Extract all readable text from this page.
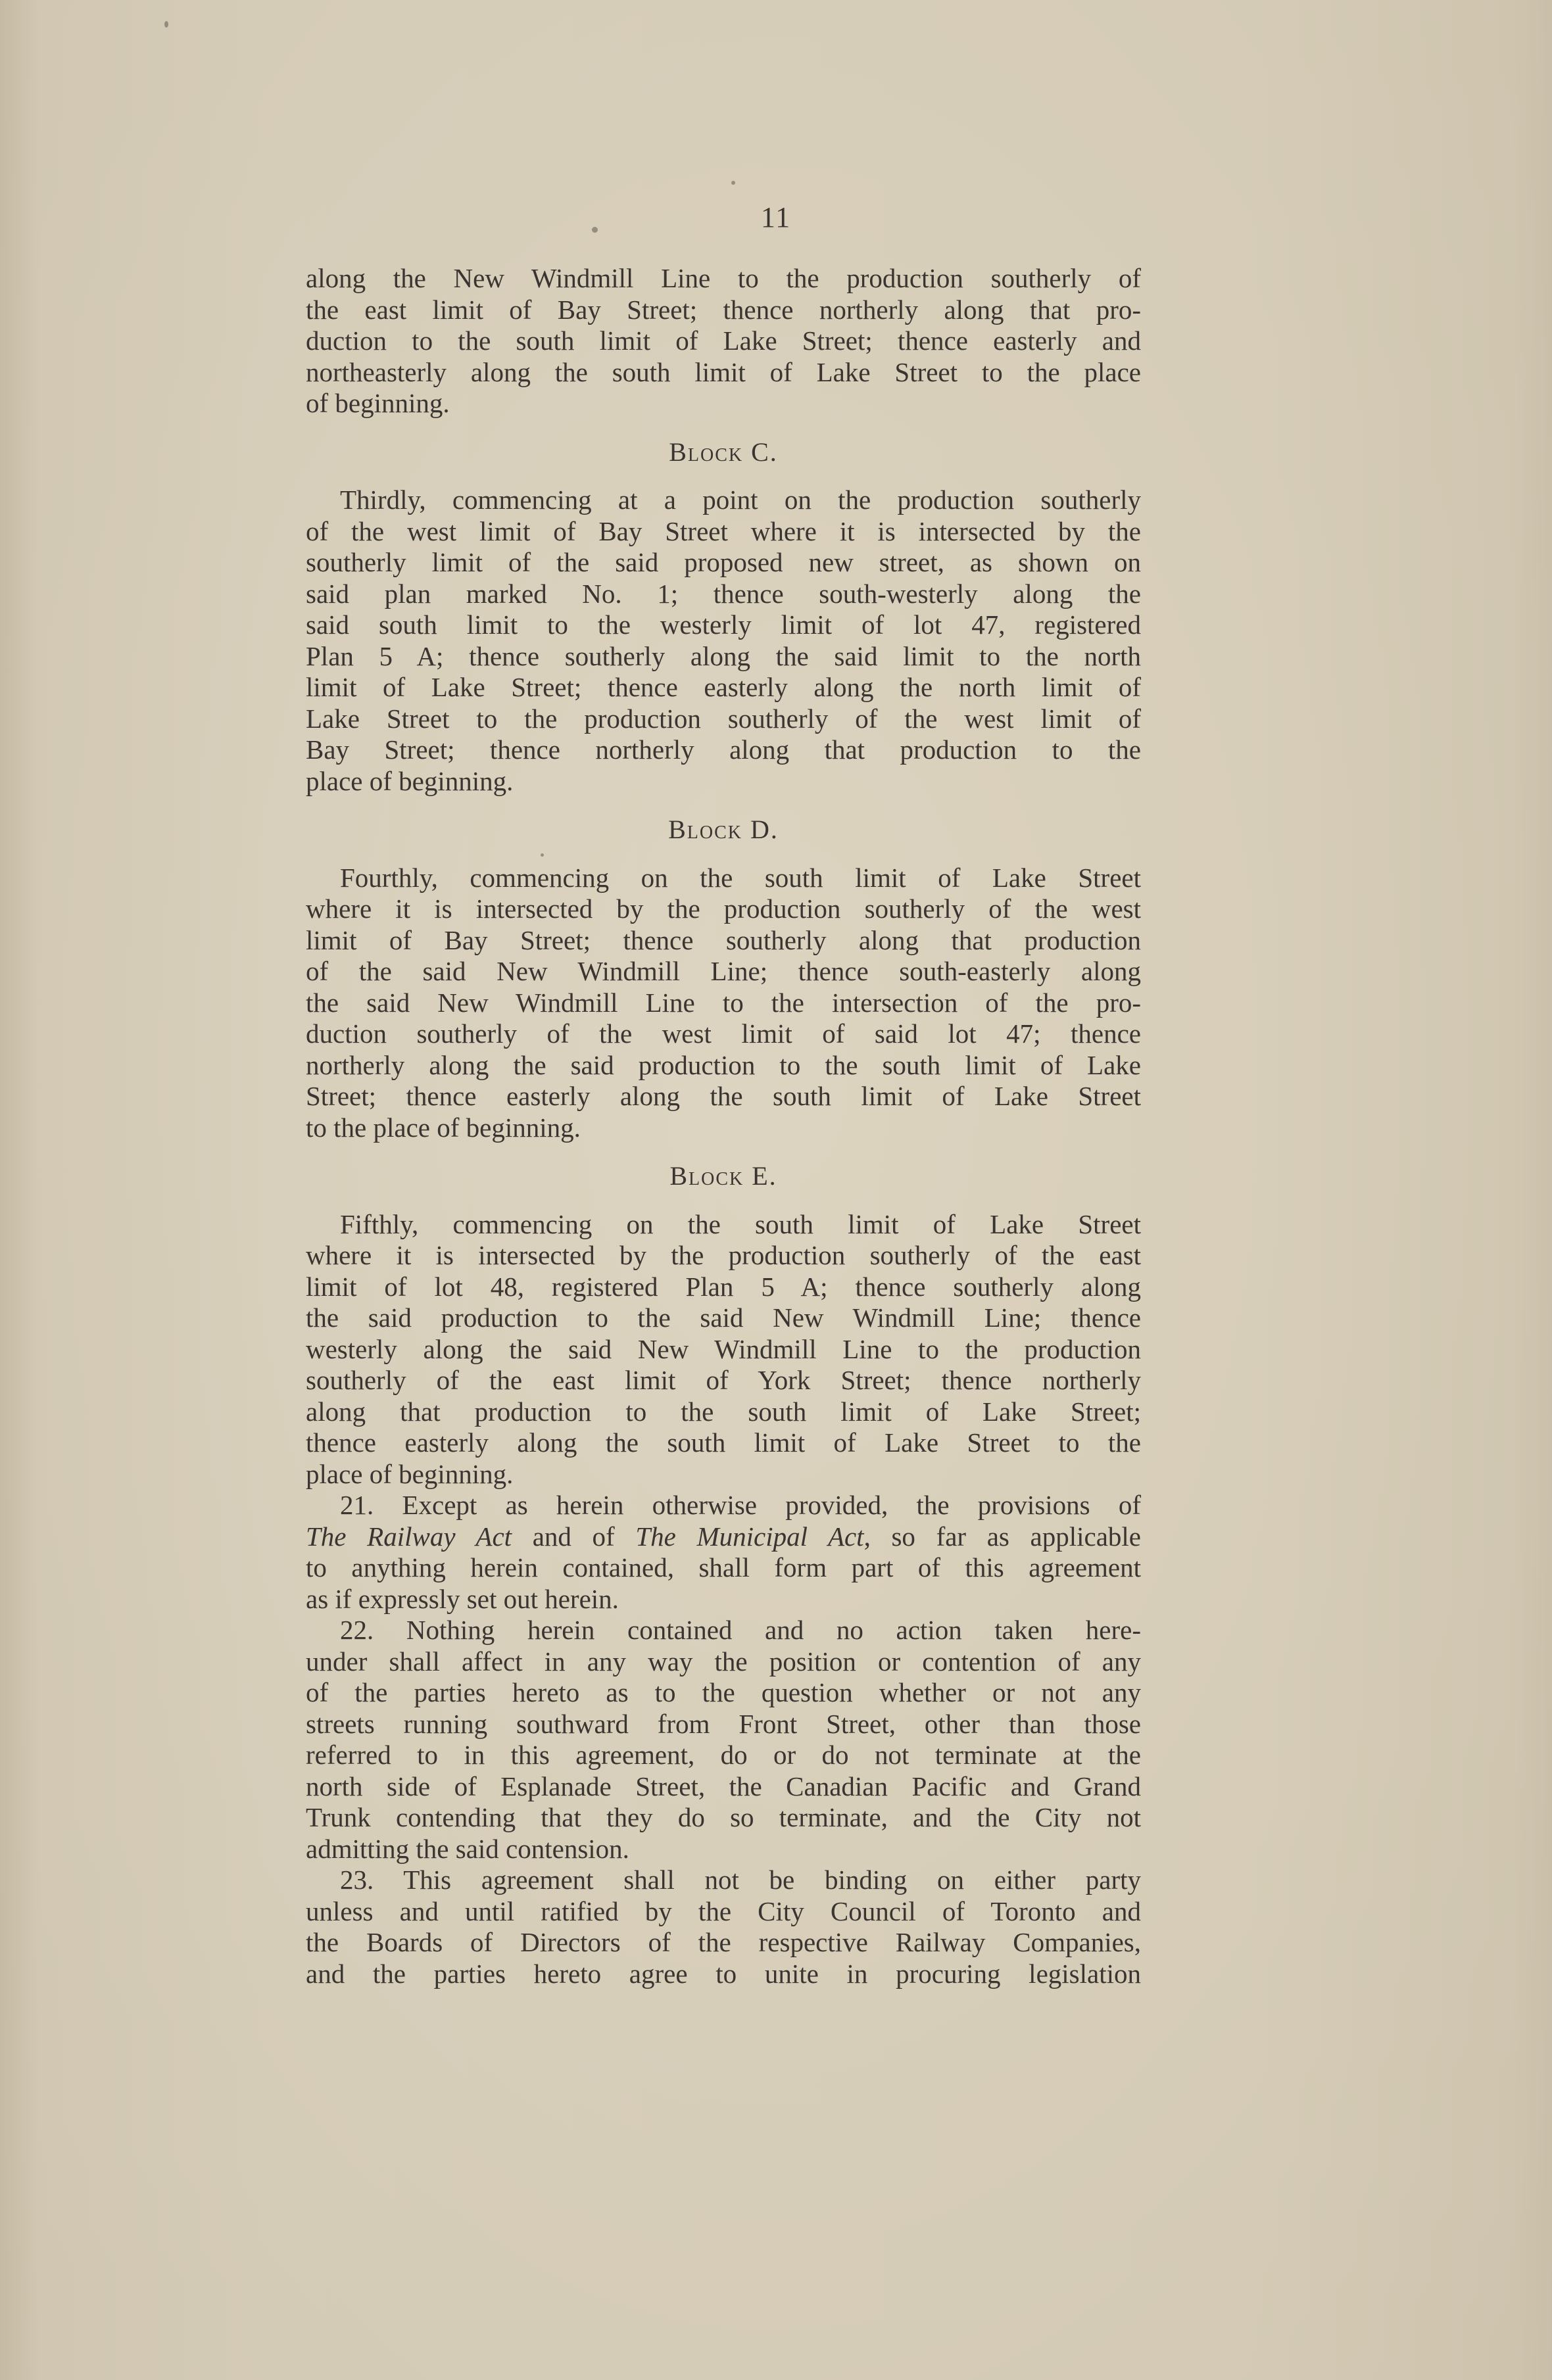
11
along the New Windmill Line to the production southerly of
the east limit of Bay Street; thence northerly along that pro-
duction to the south limit of Lake Street; thence easterly and
northeasterly along the south limit of Lake Street to the place
of beginning.
Block C.
Thirdly, commencing at a point on the production southerly
of the west limit of Bay Street where it is intersected by the
southerly limit of the said proposed new street, as shown on
said plan marked No. 1; thence south-westerly along the
said south limit to the westerly limit of lot 47, registered
Plan 5 A; thence southerly along the said limit to the north
limit of Lake Street; thence easterly along the north limit of
Lake Street to the production southerly of the west limit of
Bay Street; thence northerly along that production to the
place of beginning.
Block D.
Fourthly, commencing on the south limit of Lake Street
where it is intersected by the production southerly of the west
limit of Bay Street; thence southerly along that production
of the said New Windmill Line; thence south-easterly along
the said New Windmill Line to the intersection of the pro-
duction southerly of the west limit of said lot 47; thence
northerly along the said production to the south limit of Lake
Street; thence easterly along the south limit of Lake Street
to the place of beginning.
Block E.
Fifthly, commencing on the south limit of Lake Street
where it is intersected by the production southerly of the east
limit of lot 48, registered Plan 5 A; thence southerly along
the said production to the said New Windmill Line; thence
westerly along the said New Windmill Line to the production
southerly of the east limit of York Street; thence northerly
along that production to the south limit of Lake Street;
thence easterly along the south limit of Lake Street to the
place of beginning.
21. Except as herein otherwise provided, the provisions of
The Railway Act and of The Municipal Act, so far as applicable
to anything herein contained, shall form part of this agreement
as if expressly set out herein.
22. Nothing herein contained and no action taken here-
under shall affect in any way the position or contention of any
of the parties hereto as to the question whether or not any
streets running southward from Front Street, other than those
referred to in this agreement, do or do not terminate at the
north side of Esplanade Street, the Canadian Pacific and Grand
Trunk contending that they do so terminate, and the City not
admitting the said contension.
23. This agreement shall not be binding on either party
unless and until ratified by the City Council of Toronto and
the Boards of Directors of the respective Railway Companies,
and the parties hereto agree to unite in procuring legislation
